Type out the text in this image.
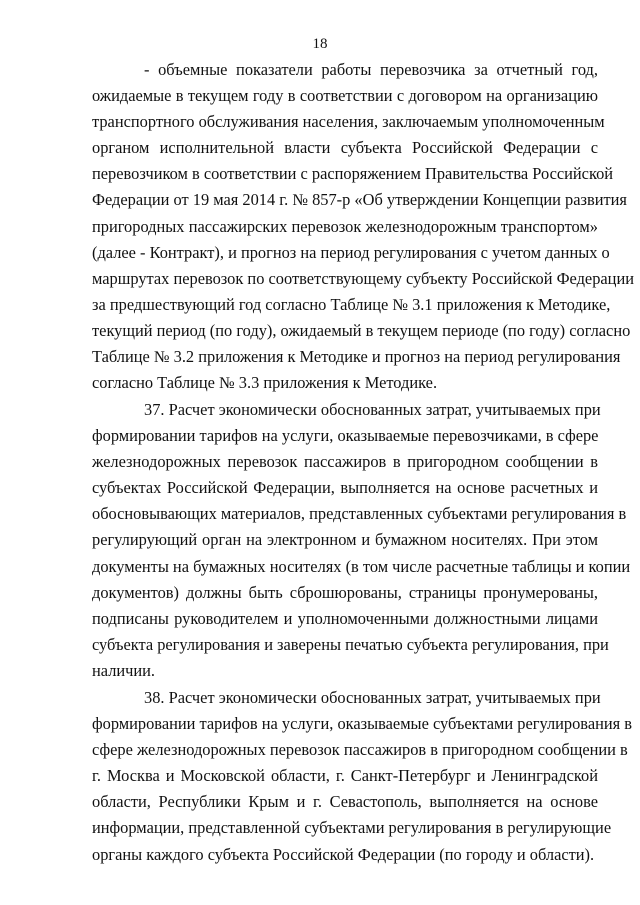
18
- объемные показатели работы перевозчика за отчетный год,
ожидаемые в текущем году в соответствии с договором на организацию
транспортного обслуживания населения, заключаемым уполномоченным
органом исполнительной власти субъекта Российской Федерации с
перевозчиком в соответствии с распоряжением Правительства Российской
Федерации от 19 мая 2014 г. № 857-р «Об утверждении Концепции развития
пригородных пассажирских перевозок железнодорожным транспортом»
(далее - Контракт), и прогноз на период регулирования с учетом данных о
маршрутах перевозок по соответствующему субъекту Российской Федерации
за предшествующий год согласно Таблице № 3.1 приложения к Методике,
текущий период (по году), ожидаемый в текущем периоде (по году) согласно
Таблице № 3.2 приложения к Методике и прогноз на период регулирования
согласно Таблице № 3.3 приложения к Методике.
37. Расчет экономически обоснованных затрат, учитываемых при
формировании тарифов на услуги, оказываемые перевозчиками, в сфере
железнодорожных перевозок пассажиров в пригородном сообщении в
субъектах Российской Федерации, выполняется на основе расчетных и
обосновывающих материалов, представленных субъектами регулирования в
регулирующий орган на электронном и бумажном носителях. При этом
документы на бумажных носителях (в том числе расчетные таблицы и копии
документов) должны быть сброшюрованы, страницы пронумерованы,
подписаны руководителем и уполномоченными должностными лицами
субъекта регулирования и заверены печатью субъекта регулирования, при
наличии.
38. Расчет экономически обоснованных затрат, учитываемых при
формировании тарифов на услуги, оказываемые субъектами регулирования в
сфере железнодорожных перевозок пассажиров в пригородном сообщении в
г. Москва и Московской области, г. Санкт-Петербург и Ленинградской
области, Республики Крым и г. Севастополь, выполняется на основе
информации, представленной субъектами регулирования в регулирующие
органы каждого субъекта Российской Федерации (по городу и области).
